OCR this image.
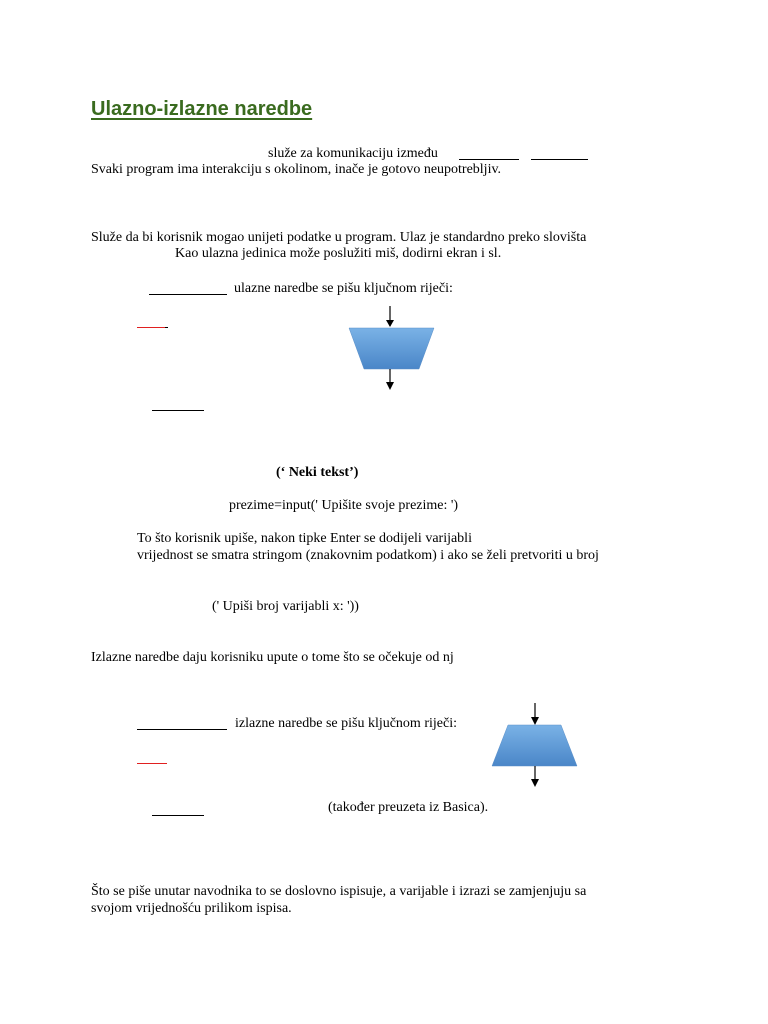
Ulazno-izlazne naredbe
služe za komunikaciju između
Svaki program ima interakciju s okolinom, inače je gotovo neupotrebljiv.
Služe da bi korisnik mogao unijeti podatke u program. Ulaz je standardno preko slovišta
Kao ulazna jedinica može poslužiti miš, dodirni ekran i sl.
ulazne naredbe se pišu ključnom riječi:
(‘ Neki tekst’)
prezime=input(' Upišite svoje prezime: ')
To što korisnik upiše, nakon tipke Enter se dodijeli varijabli
vrijednost se smatra stringom (znakovnim podatkom) i ako se želi pretvoriti u broj
(' Upiši broj varijabli x: '))
Izlazne naredbe daju korisniku upute o tome što se očekuje od nj
izlazne naredbe se pišu ključnom riječi:
(također preuzeta iz Basica).
Što se piše unutar navodnika to se doslovno ispisuje, a varijable i izrazi se zamjenjuju sa
svojom vrijednošću prilikom ispisa.
